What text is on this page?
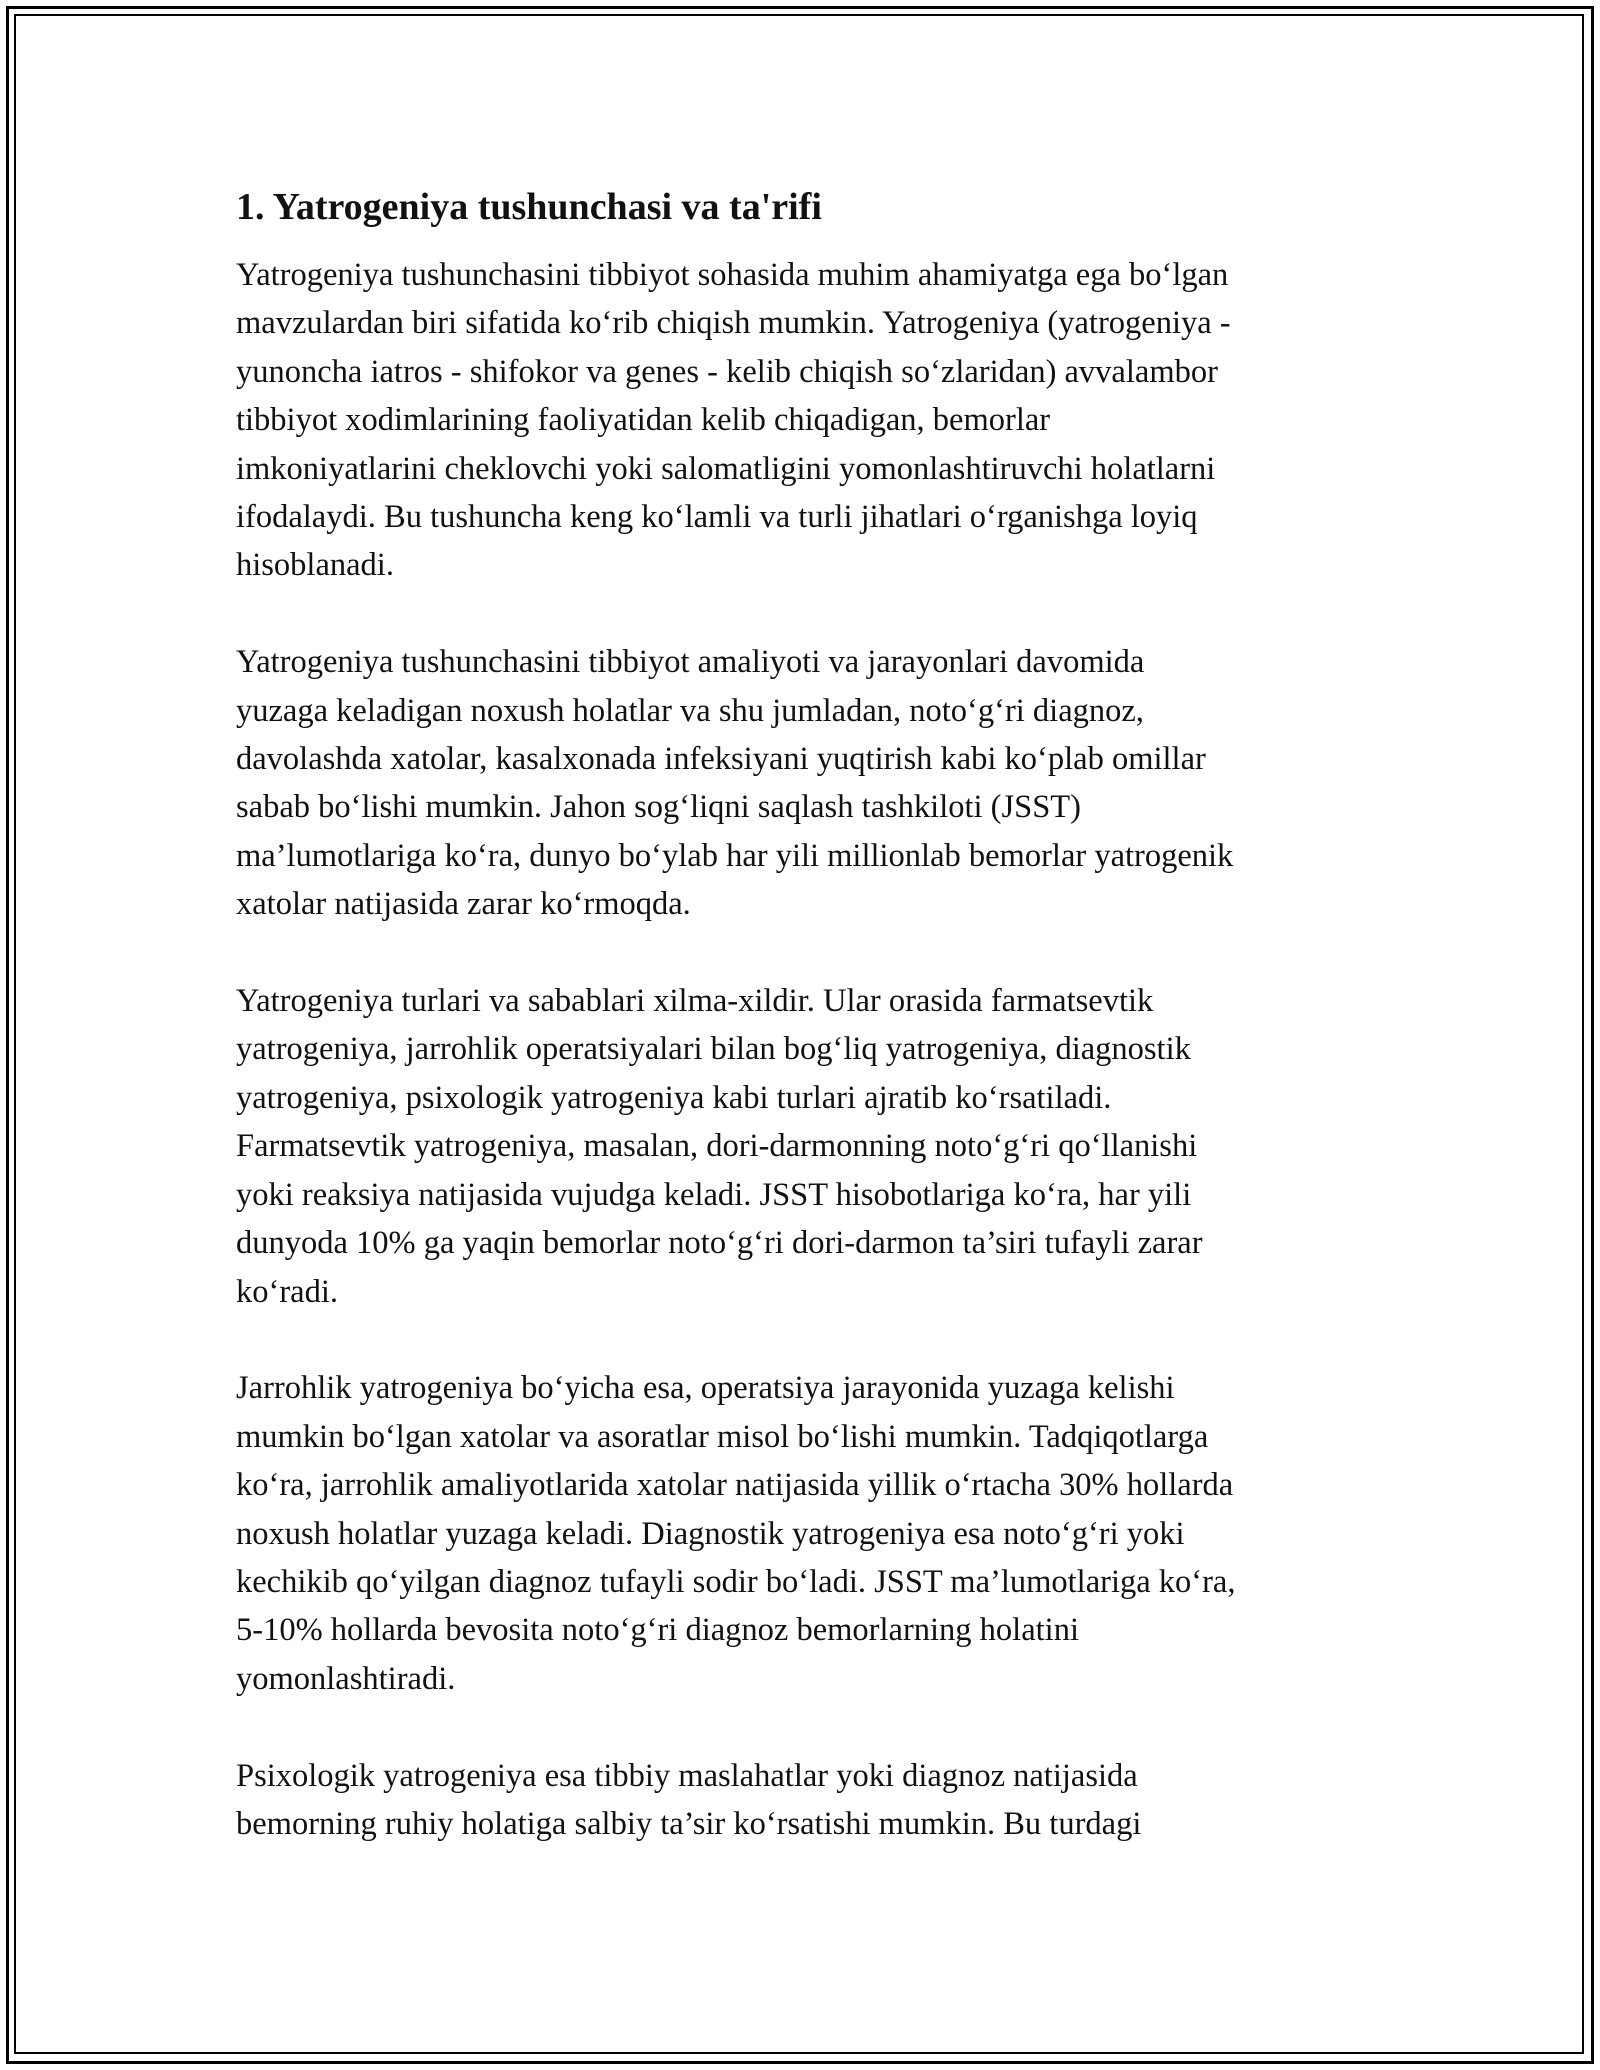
1. Yatrogeniya tushunchasi va ta'rifi

Yatrogeniya tushunchasini tibbiyot sohasida muhim ahamiyatga ega bo‘lgan
mavzulardan biri sifatida ko‘rib chiqish mumkin. Yatrogeniya (yatrogeniya -
yunoncha iatros - shifokor va genes - kelib chiqish so‘zlaridan) avvalambor
tibbiyot xodimlarining faoliyatidan kelib chiqadigan, bemorlar
imkoniyatlarini cheklovchi yoki salomatligini yomonlashtiruvchi holatlarni
ifodalaydi. Bu tushuncha keng ko‘lamli va turli jihatlari o‘rganishga loyiq
hisoblanadi.

Yatrogeniya tushunchasini tibbiyot amaliyoti va jarayonlari davomida
yuzaga keladigan noxush holatlar va shu jumladan, noto‘g‘ri diagnoz,
davolashda xatolar, kasalxonada infeksiyani yuqtirish kabi ko‘plab omillar
sabab bo‘lishi mumkin. Jahon sog‘liqni saqlash tashkiloti (JSST)
ma’lumotlariga ko‘ra, dunyo bo‘ylab har yili millionlab bemorlar yatrogenik
xatolar natijasida zarar ko‘rmoqda.

Yatrogeniya turlari va sabablari xilma-xildir. Ular orasida farmatsevtik
yatrogeniya, jarrohlik operatsiyalari bilan bog‘liq yatrogeniya, diagnostik
yatrogeniya, psixologik yatrogeniya kabi turlari ajratib ko‘rsatiladi.
Farmatsevtik yatrogeniya, masalan, dori-darmonning noto‘g‘ri qo‘llanishi
yoki reaksiya natijasida vujudga keladi. JSST hisobotlariga ko‘ra, har yili
dunyoda 10% ga yaqin bemorlar noto‘g‘ri dori-darmon ta’siri tufayli zarar
ko‘radi.

Jarrohlik yatrogeniya bo‘yicha esa, operatsiya jarayonida yuzaga kelishi
mumkin bo‘lgan xatolar va asoratlar misol bo‘lishi mumkin. Tadqiqotlarga
ko‘ra, jarrohlik amaliyotlarida xatolar natijasida yillik o‘rtacha 30% hollarda
noxush holatlar yuzaga keladi. Diagnostik yatrogeniya esa noto‘g‘ri yoki
kechikib qo‘yilgan diagnoz tufayli sodir bo‘ladi. JSST ma’lumotlariga ko‘ra,
5-10% hollarda bevosita noto‘g‘ri diagnoz bemorlarning holatini
yomonlashtiradi.

Psixologik yatrogeniya esa tibbiy maslahatlar yoki diagnoz natijasida
bemorning ruhiy holatiga salbiy ta’sir ko‘rsatishi mumkin. Bu turdagi
